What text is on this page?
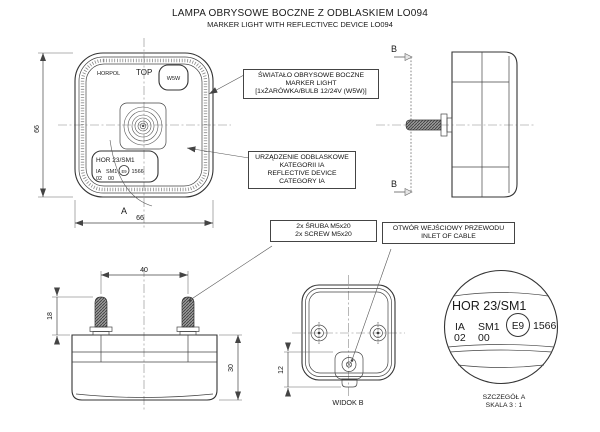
LAMPA OBRYSOWE BOCZNE Z ODBLASKIEM LO094
MARKER LIGHT WITH REFLECTIVEC DEVICE LO094
HORPOL TOP
W5W
HOR 23/SM1
IA SM1 E9 1566
02 00
A
66
66
B
B
40
18
30	12
WIDOK B
HOR 23/SM1
IA SM1 E9 1566
02 00
SZCZEGÓŁ A
SKALA 3 : 1
ŚWIATAŁO OBRYSOWE BOCZNE
MARKER LIGHT
[1xŻARÓWKA/BULB 12/24V (W5W)]
URZĄDZENIE ODBLASKOWE
KATEGORII IA
REFLECTIVE DEVICE
CATEGORY IA
2x ŚRUBA M5x20
2x SCREW M5x20
OTWÓR WEJŚCIOWY PRZEWODU
INLET OF CABLE
